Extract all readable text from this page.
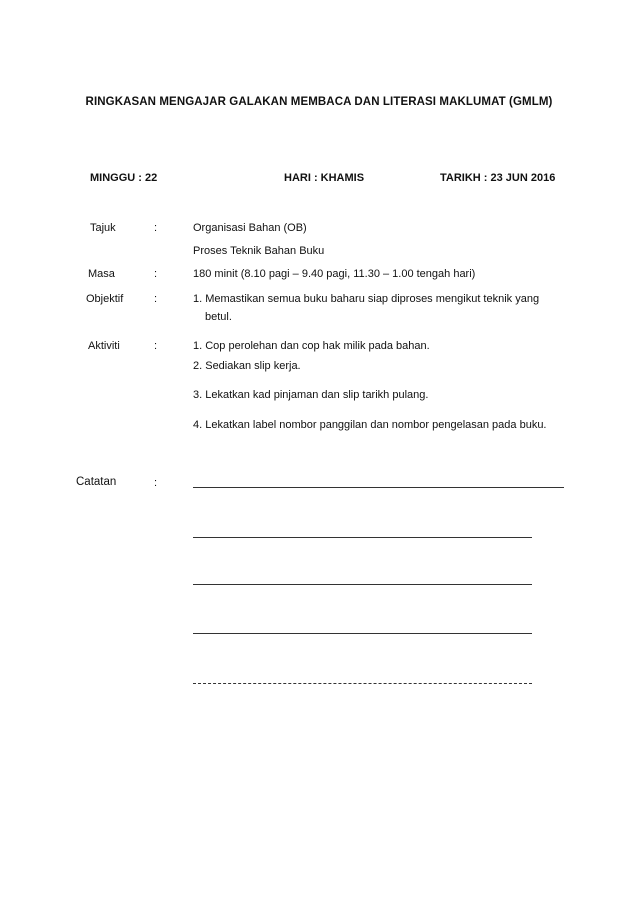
RINGKASAN MENGAJAR GALAKAN MEMBACA DAN LITERASI MAKLUMAT (GMLM)
MINGGU : 22	HARI : KHAMIS	TARIKH : 23 JUN 2016
Tajuk	:	Organisasi Bahan (OB)
Proses Teknik Bahan Buku
Masa	:	180 minit (8.10 pagi – 9.40 pagi, 11.30 – 1.00 tengah hari)
Objektif	:	1. Memastikan semua buku baharu siap diproses mengikut teknik yang
betul.
Aktiviti	:	1. Cop perolehan dan cop hak milik pada bahan.
2. Sediakan slip kerja.
3. Lekatkan kad pinjaman dan slip tarikh pulang.
4. Lekatkan label nombor panggilan dan nombor pengelasan pada buku.
Catatan	:
